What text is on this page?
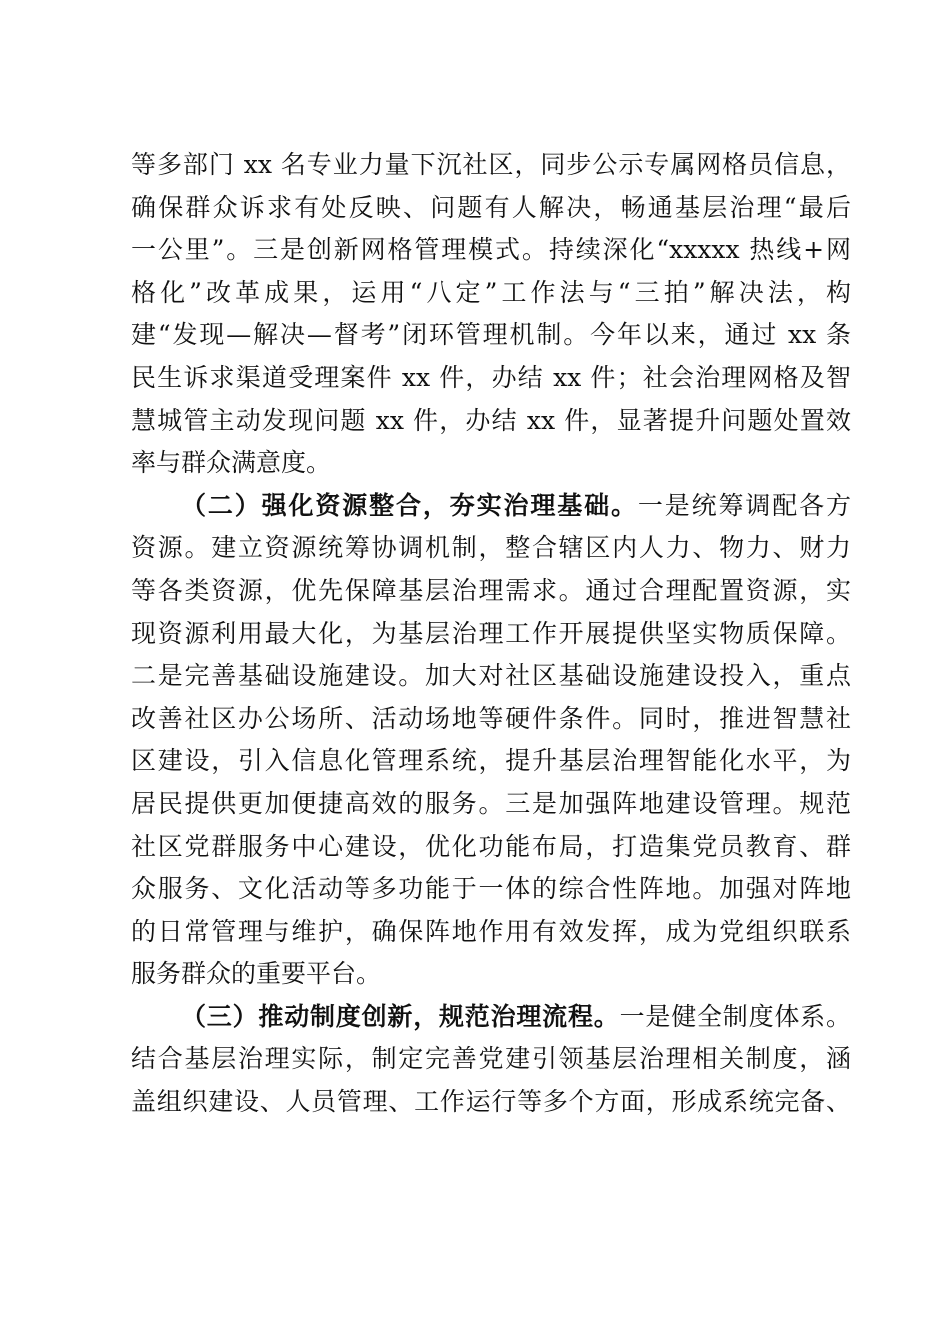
等多部门 xx 名专业力量下沉社区，同步公示专属网格员信息，
确保群众诉求有处反映、问题有人解决，畅通基层治理“最后
一公里”。三是创新网格管理模式。持续深化“xxxxx 热线+网
格化”改革成果，运用“八定”工作法与“三拍”解决法，构
建“发现—解决—督考”闭环管理机制。今年以来，通过 xx 条
民生诉求渠道受理案件 xx 件，办结 xx 件；社会治理网格及智
慧城管主动发现问题 xx 件，办结 xx 件，显著提升问题处置效
率与群众满意度。
（二）强化资源整合，夯实治理基础。一是统筹调配各方
资源。建立资源统筹协调机制，整合辖区内人力、物力、财力
等各类资源，优先保障基层治理需求。通过合理配置资源，实
现资源利用最大化，为基层治理工作开展提供坚实物质保障。
二是完善基础设施建设。加大对社区基础设施建设投入，重点
改善社区办公场所、活动场地等硬件条件。同时，推进智慧社
区建设，引入信息化管理系统，提升基层治理智能化水平，为
居民提供更加便捷高效的服务。三是加强阵地建设管理。规范
社区党群服务中心建设，优化功能布局，打造集党员教育、群
众服务、文化活动等多功能于一体的综合性阵地。加强对阵地
的日常管理与维护，确保阵地作用有效发挥，成为党组织联系
服务群众的重要平台。
（三）推动制度创新，规范治理流程。一是健全制度体系。
结合基层治理实际，制定完善党建引领基层治理相关制度，涵
盖组织建设、人员管理、工作运行等多个方面，形成系统完备、
